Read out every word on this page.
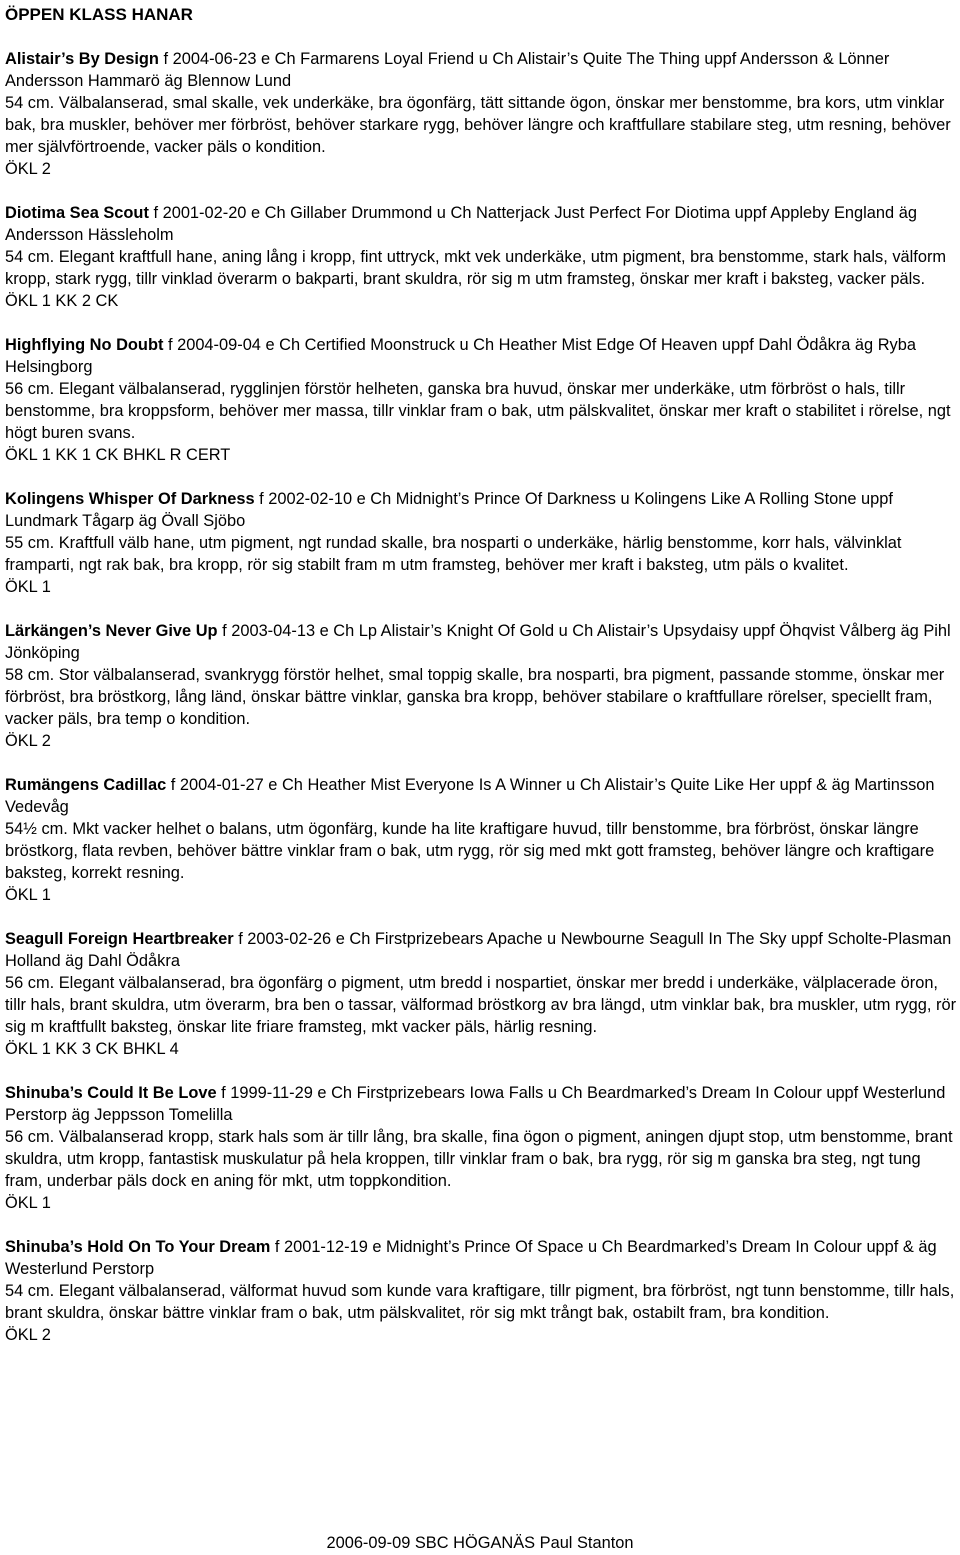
ÖPPEN KLASS HANAR

Alistair’s By Design f 2004-06-23 e Ch Farmarens Loyal Friend u Ch Alistair’s Quite The Thing uppf Andersson & Lönner Andersson Hammarö äg Blennow Lund

54 cm. Välbalanserad, smal skalle, vek underkäke, bra ögonfärg, tätt sittande ögon, önskar mer benstomme, bra kors, utm vinklar bak, bra muskler, behöver mer förbröst, behöver starkare rygg, behöver längre och kraftfullare stabilare steg, utm resning, behöver mer självförtroende, vacker päls o kondition.

ÖKL 2

Diotima Sea Scout f 2001-02-20 e Ch Gillaber Drummond u Ch Natterjack Just Perfect For Diotima uppf Appleby England äg Andersson Hässleholm

54 cm. Elegant kraftfull hane, aning lång i kropp, fint uttryck, mkt vek underkäke, utm pigment, bra benstomme, stark hals, välform kropp, stark rygg, tillr vinklad överarm o bakparti, brant skuldra, rör sig m utm framsteg, önskar mer kraft i baksteg, vacker päls.

ÖKL 1 KK 2 CK

Highflying No Doubt f 2004-09-04 e Ch Certified Moonstruck u Ch Heather Mist Edge Of Heaven uppf Dahl Ödåkra äg Ryba Helsingborg

56 cm. Elegant välbalanserad, rygglinjen förstör helheten, ganska bra huvud, önskar mer underkäke, utm förbröst o hals, tillr benstomme, bra kroppsform, behöver mer massa, tillr vinklar fram o bak, utm pälskvalitet, önskar mer kraft o stabilitet i rörelse, ngt högt buren svans.

ÖKL 1 KK 1 CK BHKL R CERT

Kolingens Whisper Of Darkness f 2002-02-10 e Ch Midnight’s Prince Of Darkness u Kolingens Like A Rolling Stone uppf Lundmark Tågarp äg Övall Sjöbo

55 cm. Kraftfull välb hane, utm pigment, ngt rundad skalle, bra nosparti o underkäke, härlig benstomme, korr hals, välvinklat framparti, ngt rak bak, bra kropp, rör sig stabilt fram m utm framsteg, behöver mer kraft i baksteg, utm päls o kvalitet.

ÖKL 1

Lärkängen’s Never Give Up f 2003-04-13 e Ch Lp Alistair’s Knight Of Gold u Ch Alistair’s Upsydaisy uppf Öhqvist Vålberg äg Pihl Jönköping

58 cm. Stor välbalanserad, svankrygg förstör helhet, smal toppig skalle, bra nosparti, bra pigment, passande stomme, önskar mer förbröst, bra bröstkorg, lång länd, önskar bättre vinklar, ganska bra kropp, behöver stabilare o kraftfullare rörelser, speciellt fram, vacker päls, bra temp o kondition.

ÖKL 2

Rumängens Cadillac f 2004-01-27 e Ch Heather Mist Everyone Is A Winner u Ch Alistair’s Quite Like Her uppf & äg Martinsson Vedevåg

54½ cm. Mkt vacker helhet o balans, utm ögonfärg, kunde ha lite kraftigare huvud, tillr benstomme, bra förbröst, önskar längre bröstkorg, flata revben, behöver bättre vinklar fram o bak, utm rygg, rör sig med mkt gott framsteg, behöver längre och kraftigare baksteg, korrekt resning.

ÖKL 1

Seagull Foreign Heartbreaker f 2003-02-26 e Ch Firstprizebears Apache u Newbourne Seagull In The Sky uppf Scholte-Plasman Holland äg Dahl Ödåkra

56 cm. Elegant välbalanserad, bra ögonfärg o pigment, utm bredd i nospartiet, önskar mer bredd i underkäke, välplacerade öron, tillr hals, brant skuldra, utm överarm, bra ben o tassar, välformad bröstkorg av bra längd, utm vinklar bak, bra muskler, utm rygg, rör sig m kraftfullt baksteg, önskar lite friare framsteg, mkt vacker päls, härlig resning.

ÖKL 1 KK 3 CK BHKL 4

Shinuba’s Could It Be Love f 1999-11-29 e Ch Firstprizebears Iowa Falls u Ch Beardmarked’s Dream In Colour uppf Westerlund Perstorp äg Jeppsson Tomelilla

56 cm. Välbalanserad kropp, stark hals som är tillr lång, bra skalle, fina ögon o pigment, aningen djupt stop, utm benstomme, brant skuldra, utm kropp, fantastisk muskulatur på hela kroppen, tillr vinklar fram o bak, bra rygg, rör sig m ganska bra steg, ngt tung fram, underbar päls dock en aning för mkt, utm toppkondition.

ÖKL 1

Shinuba’s Hold On To Your Dream f 2001-12-19 e Midnight’s Prince Of Space u Ch Beardmarked’s Dream In Colour uppf & äg Westerlund Perstorp

54 cm. Elegant välbalanserad, välformat huvud som kunde vara kraftigare, tillr pigment, bra förbröst, ngt tunn benstomme, tillr hals, brant skuldra, önskar bättre vinklar fram o bak, utm pälskvalitet, rör sig mkt trångt bak, ostabilt fram, bra kondition.

ÖKL 2

2006-09-09 SBC HÖGANÄS Paul Stanton
